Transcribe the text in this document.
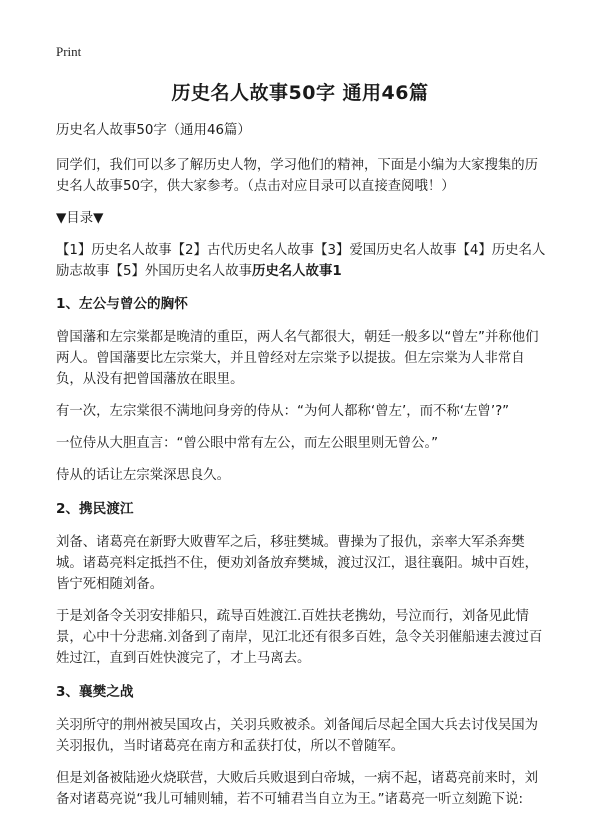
Print
历史名人故事50字 通用46篇

历史名人故事50字（通用46篇）

同学们，我们可以多了解历史人物，学习他们的精神，下面是小编为大家搜集的历史名人故事50字，供大家参考。（点击对应目录可以直接查阅哦！）

▼目录▼

【1】历史名人故事【2】古代历史名人故事【3】爱国历史名人故事【4】历史名人励志故事【5】外国历史名人故事历史名人故事1

1、左公与曾公的胸怀

曾国藩和左宗棠都是晚清的重臣，两人名气都很大，朝廷一般多以“曾左”并称他们两人。曾国藩要比左宗棠大，并且曾经对左宗棠予以提拔。但左宗棠为人非常自负，从没有把曾国藩放在眼里。

有一次，左宗棠很不满地问身旁的侍从：“为何人都称‘曾左’，而不称‘左曾’?”

一位侍从大胆直言：“曾公眼中常有左公，而左公眼里则无曾公。”

侍从的话让左宗棠深思良久。

2、携民渡江

刘备、诸葛亮在新野大败曹军之后，移驻樊城。曹操为了报仇，亲率大军杀奔樊城。诸葛亮料定抵挡不住，便劝刘备放弃樊城，渡过汉江，退往襄阳。城中百姓，皆宁死相随刘备。

于是刘备令关羽安排船只，疏导百姓渡江.百姓扶老携幼，号泣而行，刘备见此情景，心中十分悲痛.刘备到了南岸，见江北还有很多百姓，急令关羽催船速去渡过百姓过江，直到百姓快渡完了，才上马离去。

3、襄樊之战

关羽所守的荆州被吴国攻占，关羽兵败被杀。刘备闻后尽起全国大兵去讨伐吴国为关羽报仇，当时诸葛亮在南方和孟获打仗，所以不曾随军。

但是刘备被陆逊火烧联营，大败后兵败退到白帝城，一病不起，诸葛亮前来时，刘备对诸葛亮说“我儿可辅则辅，若不可辅君当自立为王。”诸葛亮一听立刻跪下说:
